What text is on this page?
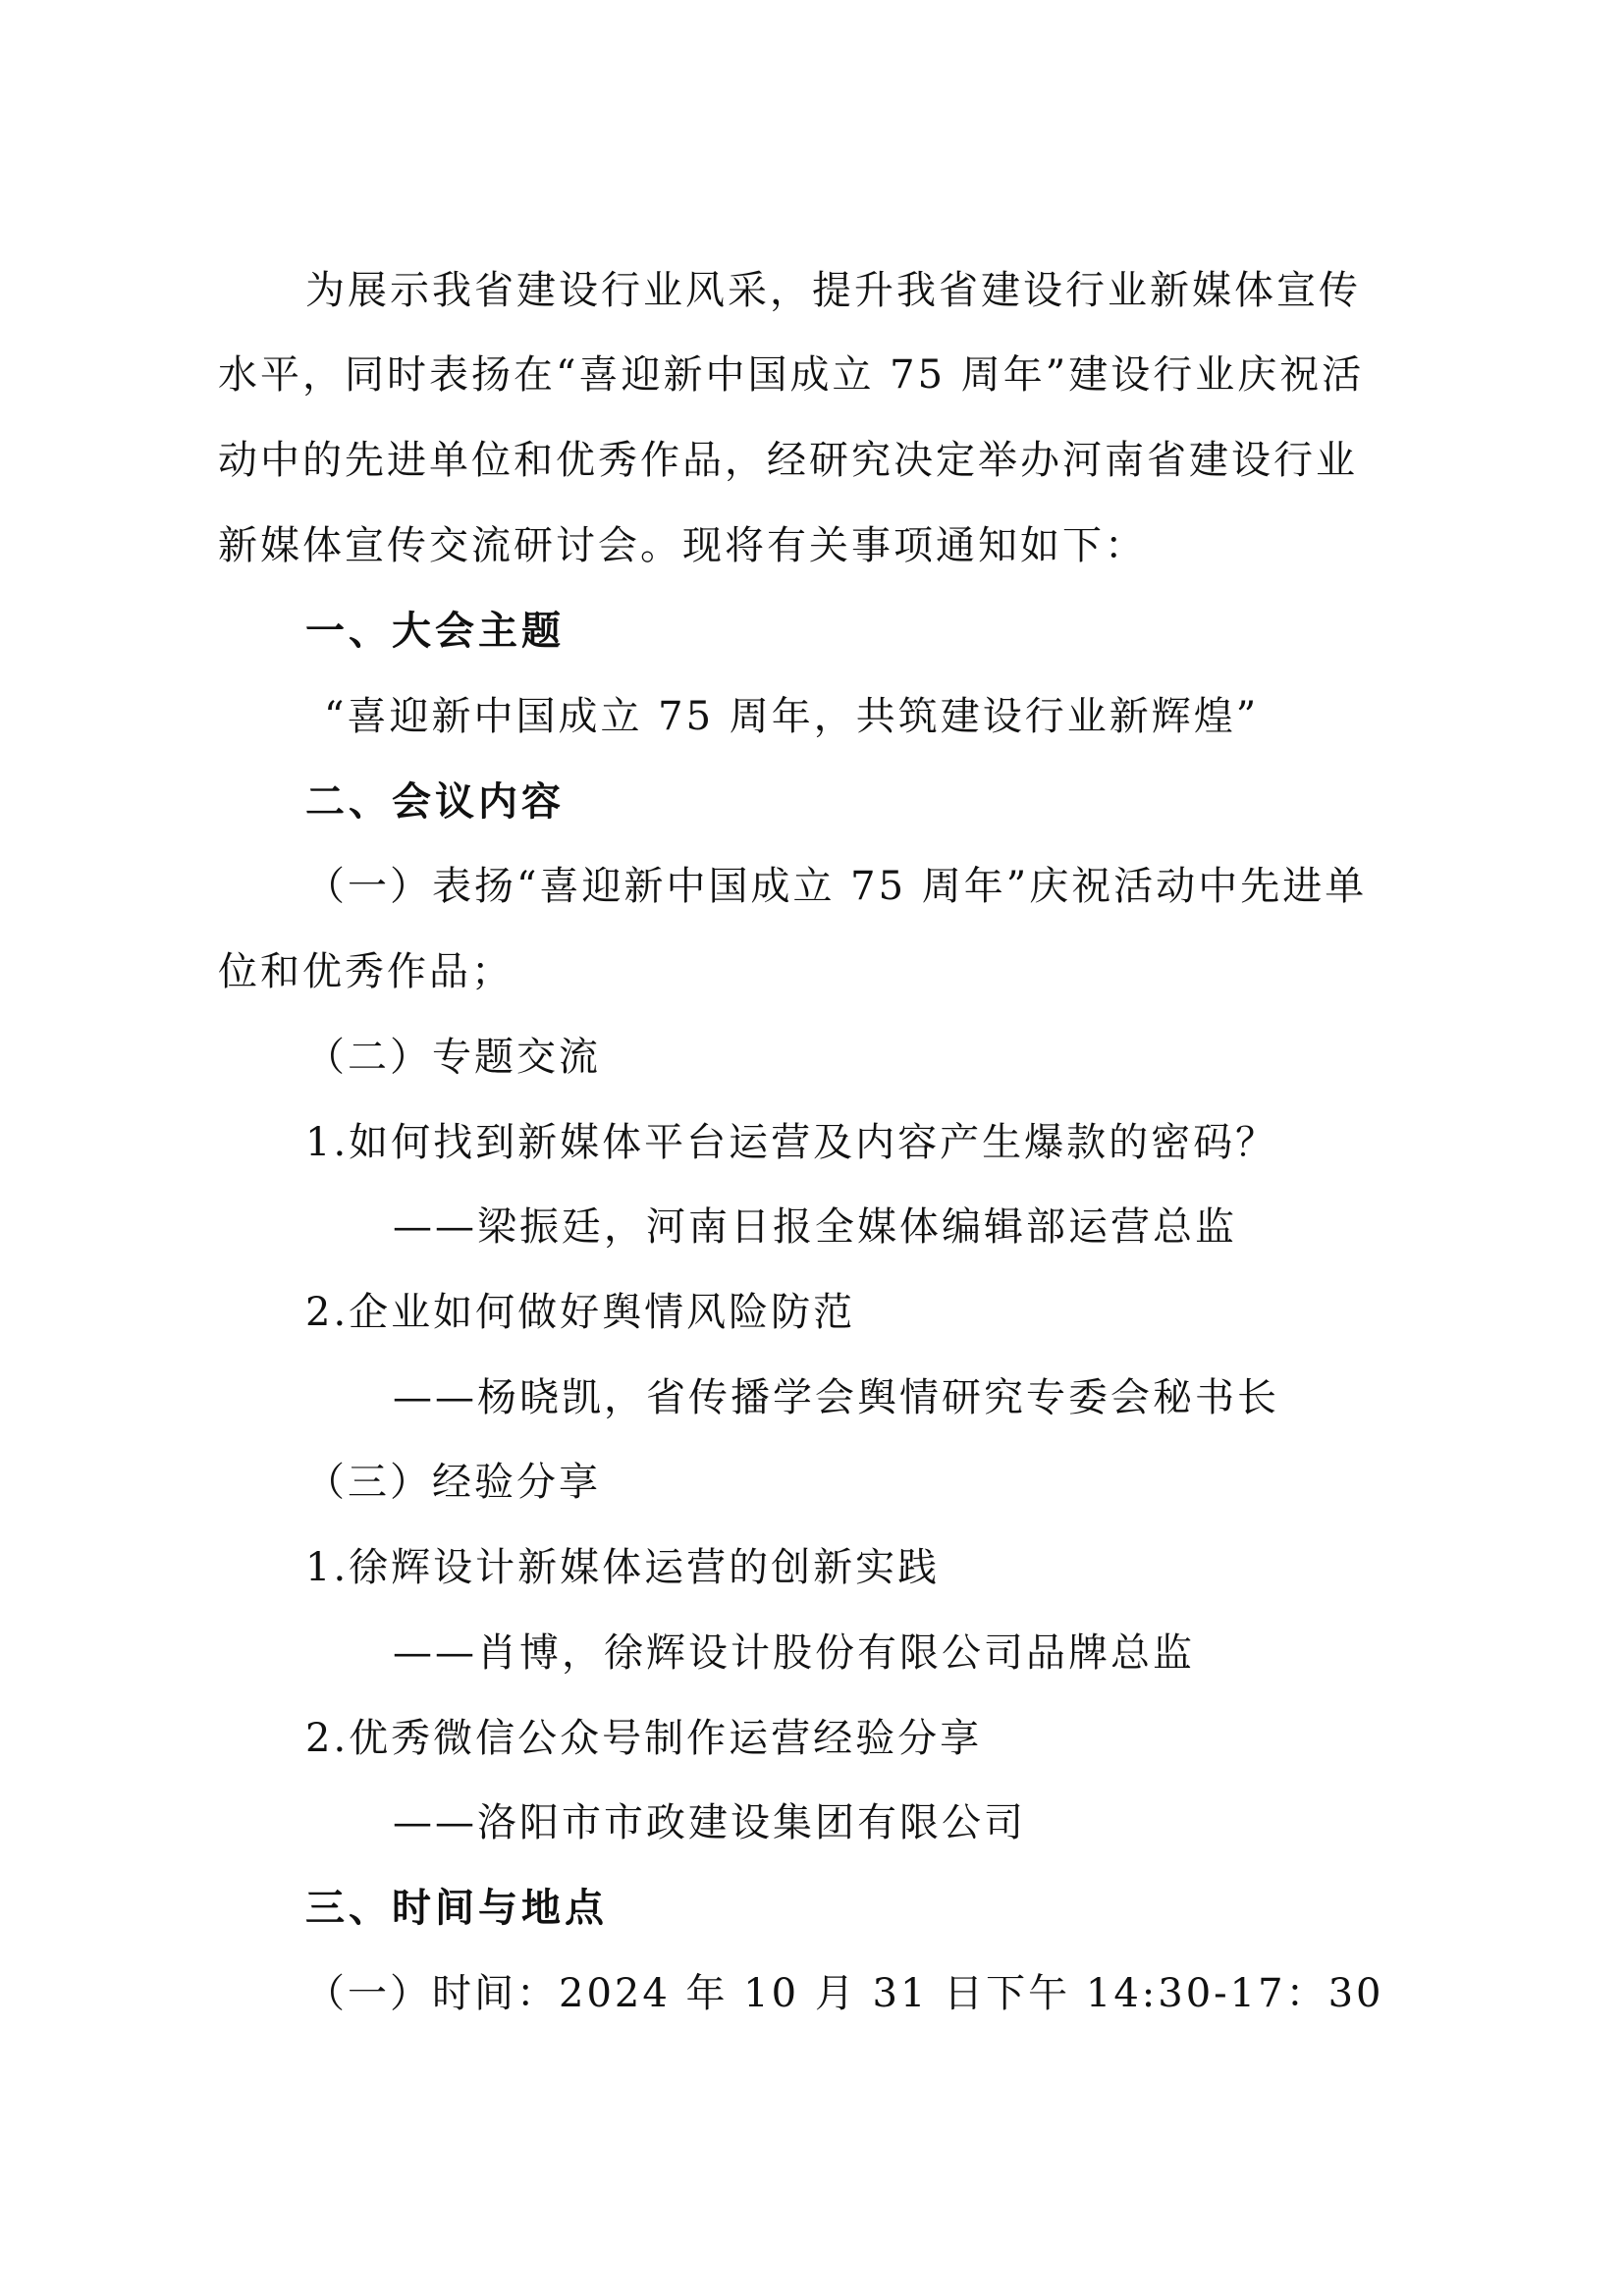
为展示我省建设行业风采，提升我省建设行业新媒体宣传
水平，同时表扬在“喜迎新中国成立 75 周年”建设行业庆祝活
动中的先进单位和优秀作品，经研究决定举办河南省建设行业
新媒体宣传交流研讨会。现将有关事项通知如下：
一、大会主题
“喜迎新中国成立 75 周年，共筑建设行业新辉煌”
二、会议内容
（一）表扬“喜迎新中国成立 75 周年”庆祝活动中先进单
位和优秀作品；
（二）专题交流
1.如何找到新媒体平台运营及内容产生爆款的密码？
——梁振廷，河南日报全媒体编辑部运营总监
2.企业如何做好舆情风险防范
——杨晓凯，省传播学会舆情研究专委会秘书长
（三）经验分享
1.徐辉设计新媒体运营的创新实践
——肖博，徐辉设计股份有限公司品牌总监
2.优秀微信公众号制作运营经验分享
——洛阳市市政建设集团有限公司
三、时间与地点
（一）时间：2024 年 10 月 31 日下午 14:30-17：30
